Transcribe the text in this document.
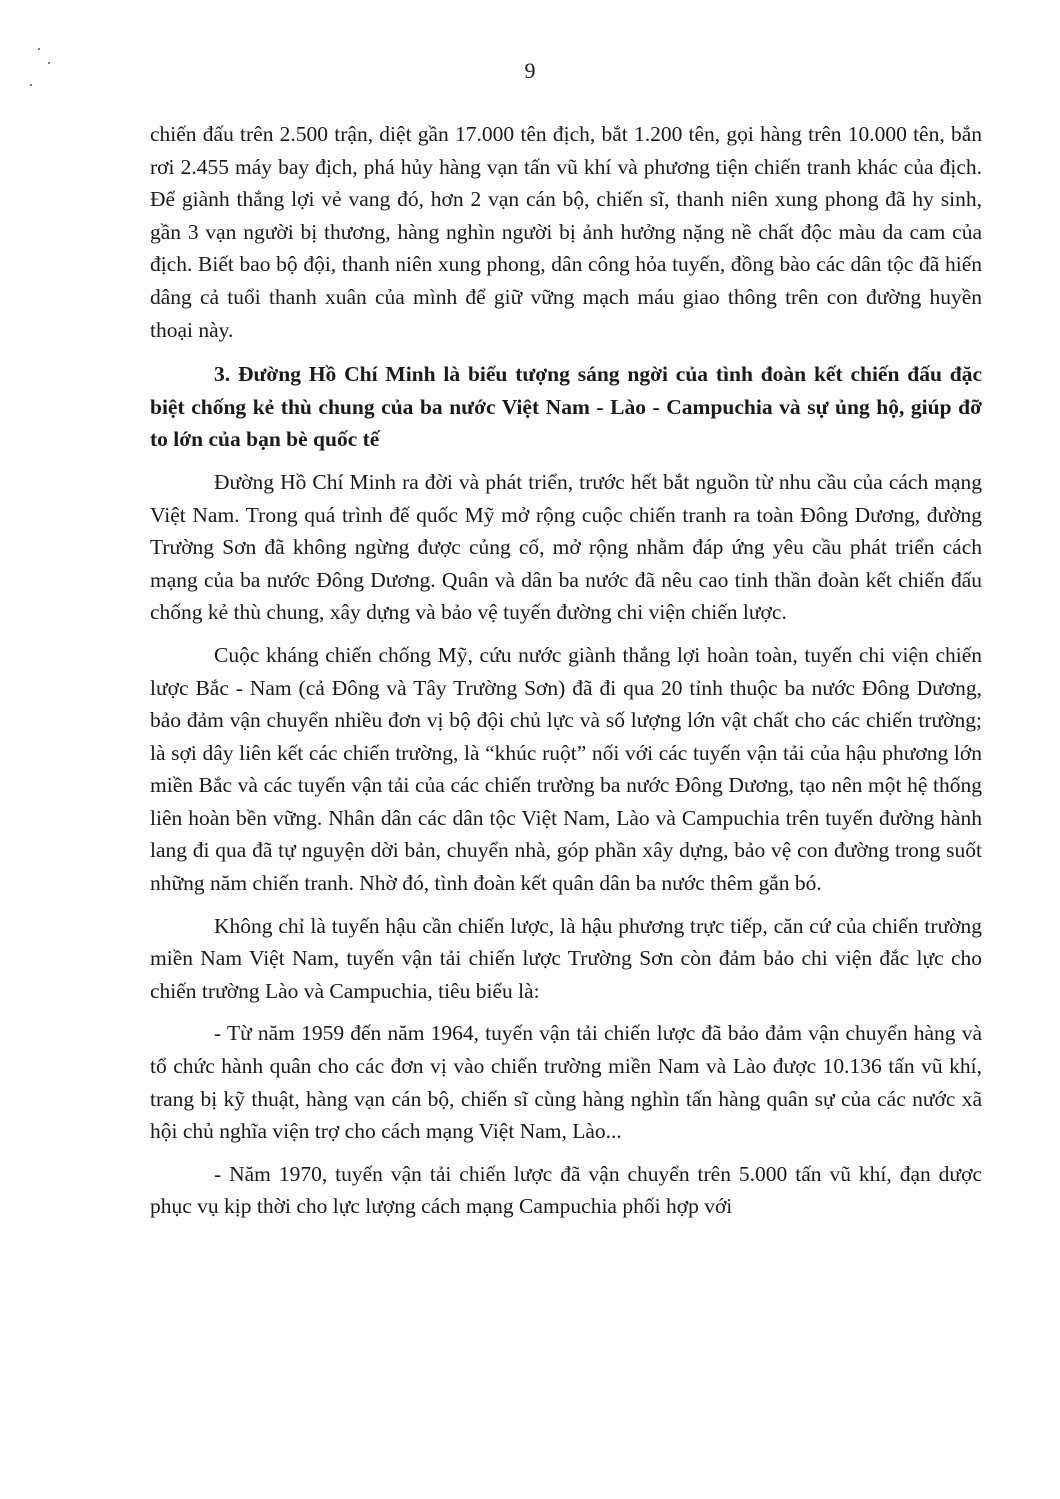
9

chiến đấu trên 2.500 trận, diệt gần 17.000 tên địch, bắt 1.200 tên, gọi hàng trên 10.000 tên, bắn rơi 2.455 máy bay địch, phá hủy hàng vạn tấn vũ khí và phương tiện chiến tranh khác của địch. Để giành thắng lợi vẻ vang đó, hơn 2 vạn cán bộ, chiến sĩ, thanh niên xung phong đã hy sinh, gần 3 vạn người bị thương, hàng nghìn người bị ảnh hưởng nặng nề chất độc màu da cam của địch. Biết bao bộ đội, thanh niên xung phong, dân công hỏa tuyến, đồng bào các dân tộc đã hiến dâng cả tuổi thanh xuân của mình để giữ vững mạch máu giao thông trên con đường huyền thoại này.

3. Đường Hồ Chí Minh là biểu tượng sáng ngời của tình đoàn kết chiến đấu đặc biệt chống kẻ thù chung của ba nước Việt Nam - Lào - Campuchia và sự ủng hộ, giúp đỡ to lớn của bạn bè quốc tế

Đường Hồ Chí Minh ra đời và phát triển, trước hết bắt nguồn từ nhu cầu của cách mạng Việt Nam. Trong quá trình đế quốc Mỹ mở rộng cuộc chiến tranh ra toàn Đông Dương, đường Trường Sơn đã không ngừng được củng cố, mở rộng nhằm đáp ứng yêu cầu phát triển cách mạng của ba nước Đông Dương. Quân và dân ba nước đã nêu cao tinh thần đoàn kết chiến đấu chống kẻ thù chung, xây dựng và bảo vệ tuyến đường chi viện chiến lược.

Cuộc kháng chiến chống Mỹ, cứu nước giành thắng lợi hoàn toàn, tuyến chi viện chiến lược Bắc - Nam (cả Đông và Tây Trường Sơn) đã đi qua 20 tỉnh thuộc ba nước Đông Dương, bảo đảm vận chuyển nhiều đơn vị bộ đội chủ lực và số lượng lớn vật chất cho các chiến trường; là sợi dây liên kết các chiến trường, là “khúc ruột” nối với các tuyến vận tải của hậu phương lớn miền Bắc và các tuyến vận tải của các chiến trường ba nước Đông Dương, tạo nên một hệ thống liên hoàn bền vững. Nhân dân các dân tộc Việt Nam, Lào và Campuchia trên tuyến đường hành lang đi qua đã tự nguyện dời bản, chuyển nhà, góp phần xây dựng, bảo vệ con đường trong suốt những năm chiến tranh. Nhờ đó, tình đoàn kết quân dân ba nước thêm gắn bó.

Không chỉ là tuyến hậu cần chiến lược, là hậu phương trực tiếp, căn cứ của chiến trường miền Nam Việt Nam, tuyến vận tải chiến lược Trường Sơn còn đảm bảo chi viện đắc lực cho chiến trường Lào và Campuchia, tiêu biểu là:

- Từ năm 1959 đến năm 1964, tuyến vận tải chiến lược đã bảo đảm vận chuyển hàng và tổ chức hành quân cho các đơn vị vào chiến trường miền Nam và Lào được 10.136 tấn vũ khí, trang bị kỹ thuật, hàng vạn cán bộ, chiến sĩ cùng hàng nghìn tấn hàng quân sự của các nước xã hội chủ nghĩa viện trợ cho cách mạng Việt Nam, Lào...

- Năm 1970, tuyến vận tải chiến lược đã vận chuyển trên 5.000 tấn vũ khí, đạn dược phục vụ kịp thời cho lực lượng cách mạng Campuchia phối hợp với
